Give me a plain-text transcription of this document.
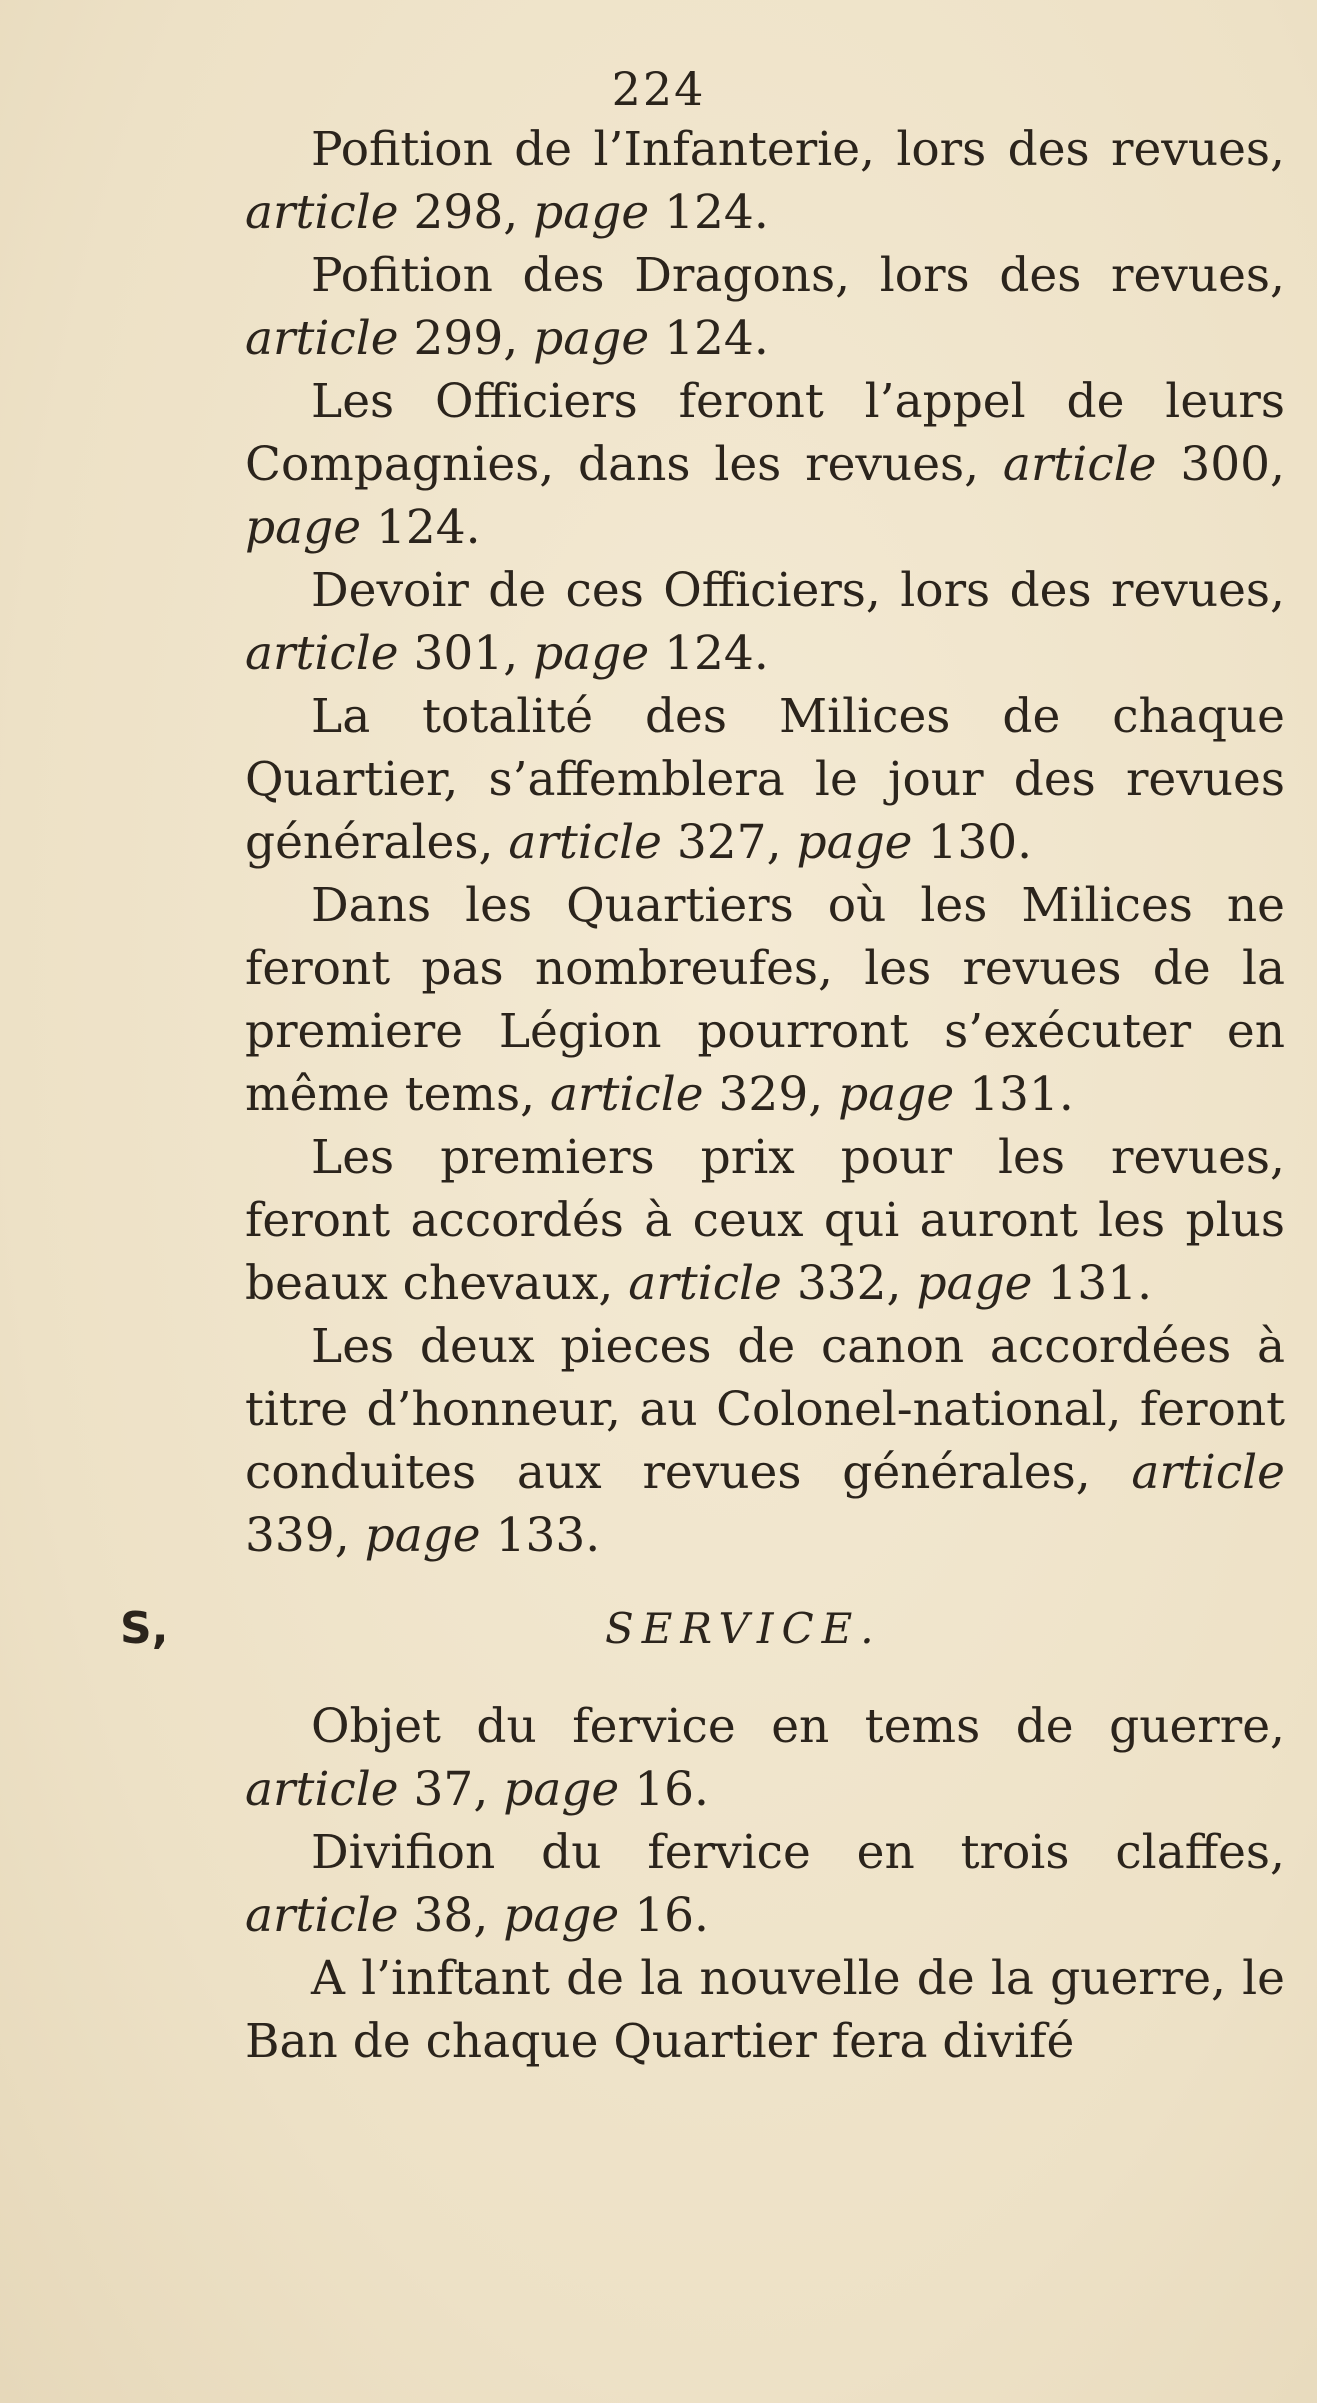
224

Pofition de l’Infanterie, lors des revues, article 298, page 124.

Pofition des Dragons, lors des revues, article 299, page 124.

Les Officiers feront l’appel de leurs Compagnies, dans les revues, article 300, page 124.

Devoir de ces Officiers, lors des revues, article 301, page 124.

La totalité des Milices de chaque Quartier, s’affemblera le jour des revues générales, article 327, page 130.

Dans les Quartiers où les Milices ne feront pas nombreufes, les revues de la premiere Légion pourront s’exécuter en même tems, article 329, page 131.

Les premiers prix pour les revues, feront accordés à ceux qui auront les plus beaux chevaux, article 332, page 131.

Les deux pieces de canon accordées à titre d’honneur, au Colonel-national, feront conduites aux revues générales, article 339, page 133.

S,	SERVICE.

Objet du fervice en tems de guerre, article 37, page 16.

Divifion du fervice en trois claffes, article 38, page 16.

A l’inftant de la nouvelle de la guerre, le Ban de chaque Quartier fera divifé
